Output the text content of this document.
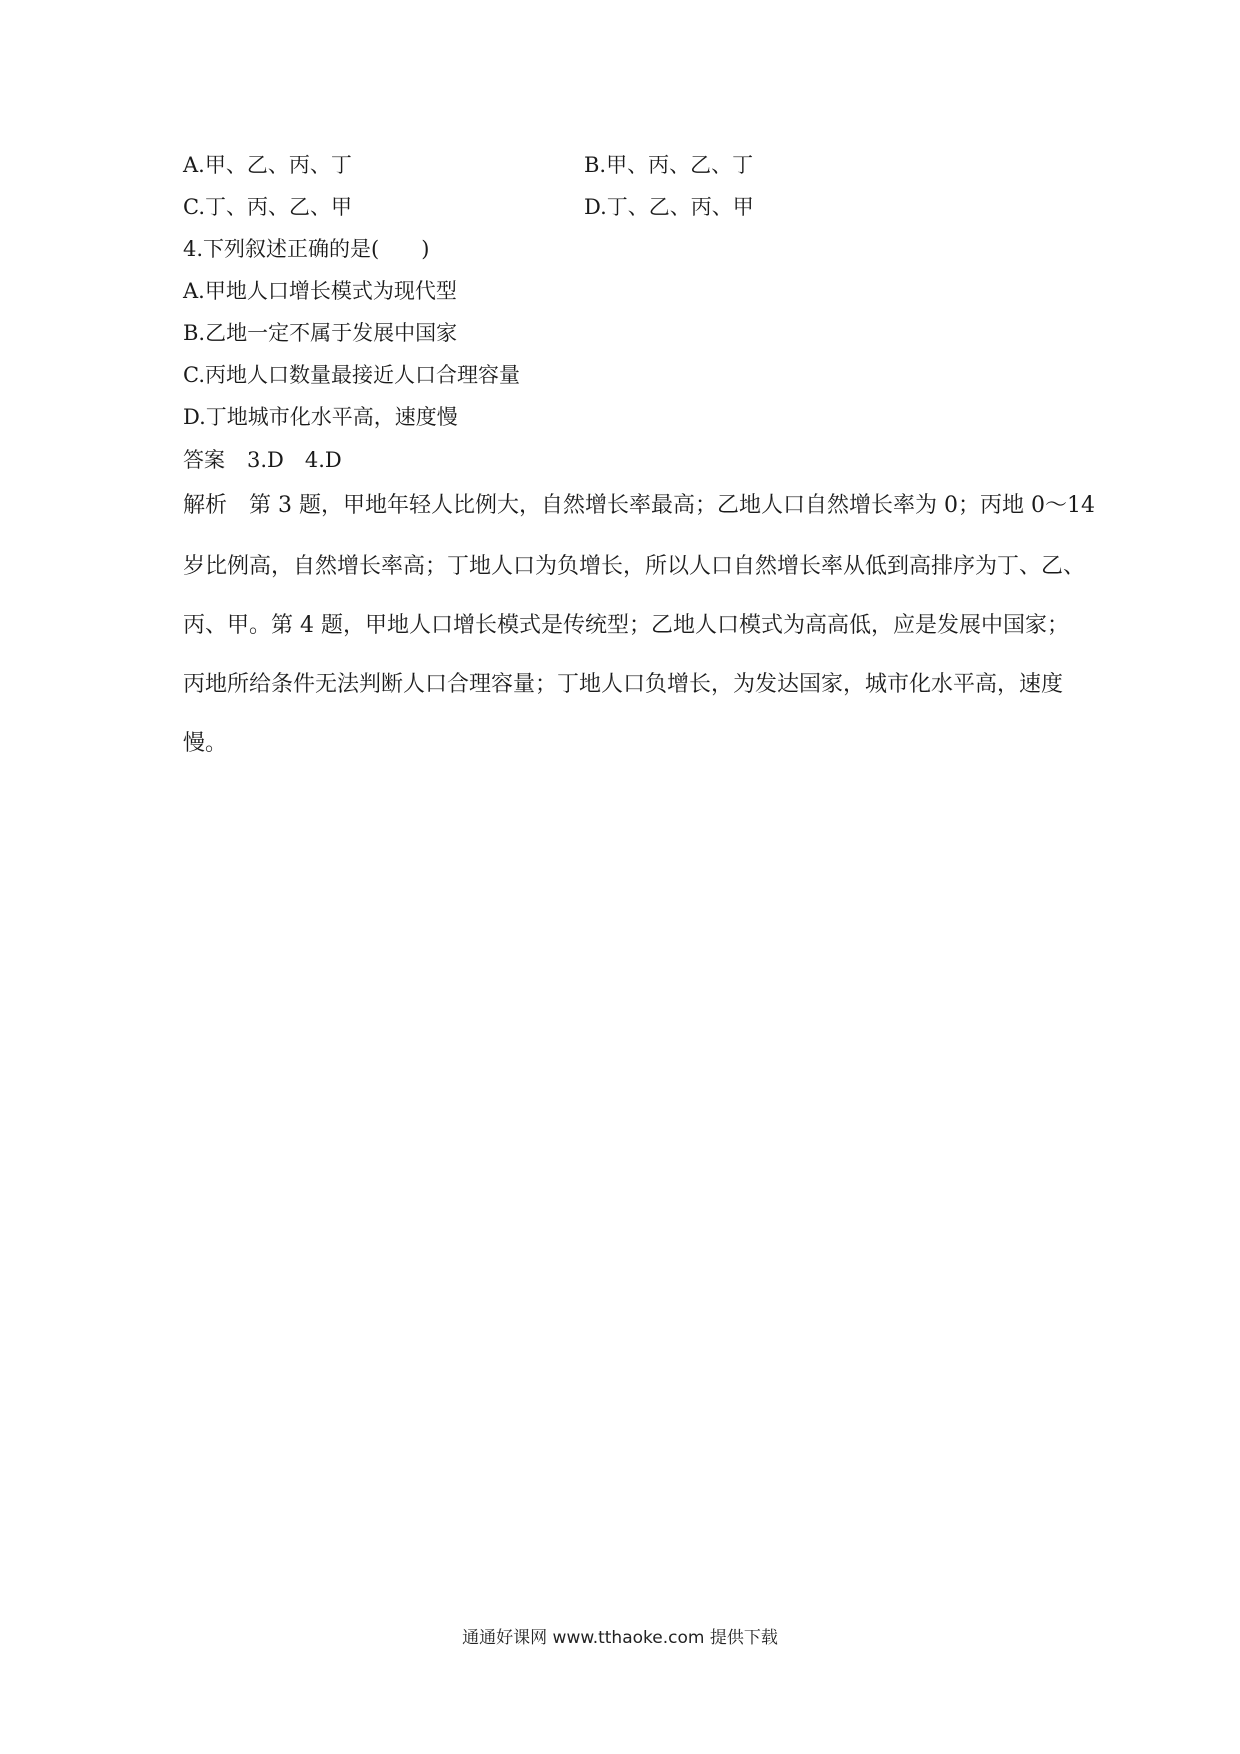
A.甲、乙、丙、丁	B.甲、丙、乙、丁
C.丁、丙、乙、甲	D.丁、乙、丙、甲
4.下列叙述正确的是(　　)
A.甲地人口增长模式为现代型
B.乙地一定不属于发展中国家
C.丙地人口数量最接近人口合理容量
D.丁地城市化水平高，速度慢
答案 3.D　4.D
解析 第 3 题，甲地年轻人比例大，自然增长率最高；乙地人口自然增长率为 0；丙地 0～14
岁比例高，自然增长率高；丁地人口为负增长，所以人口自然增长率从低到高排序为丁、乙、
丙、甲。第 4 题，甲地人口增长模式是传统型；乙地人口模式为高高低，应是发展中国家；
丙地所给条件无法判断人口合理容量；丁地人口负增长，为发达国家，城市化水平高，速度
慢。
通通好课网 www.tthaoke.com 提供下载
